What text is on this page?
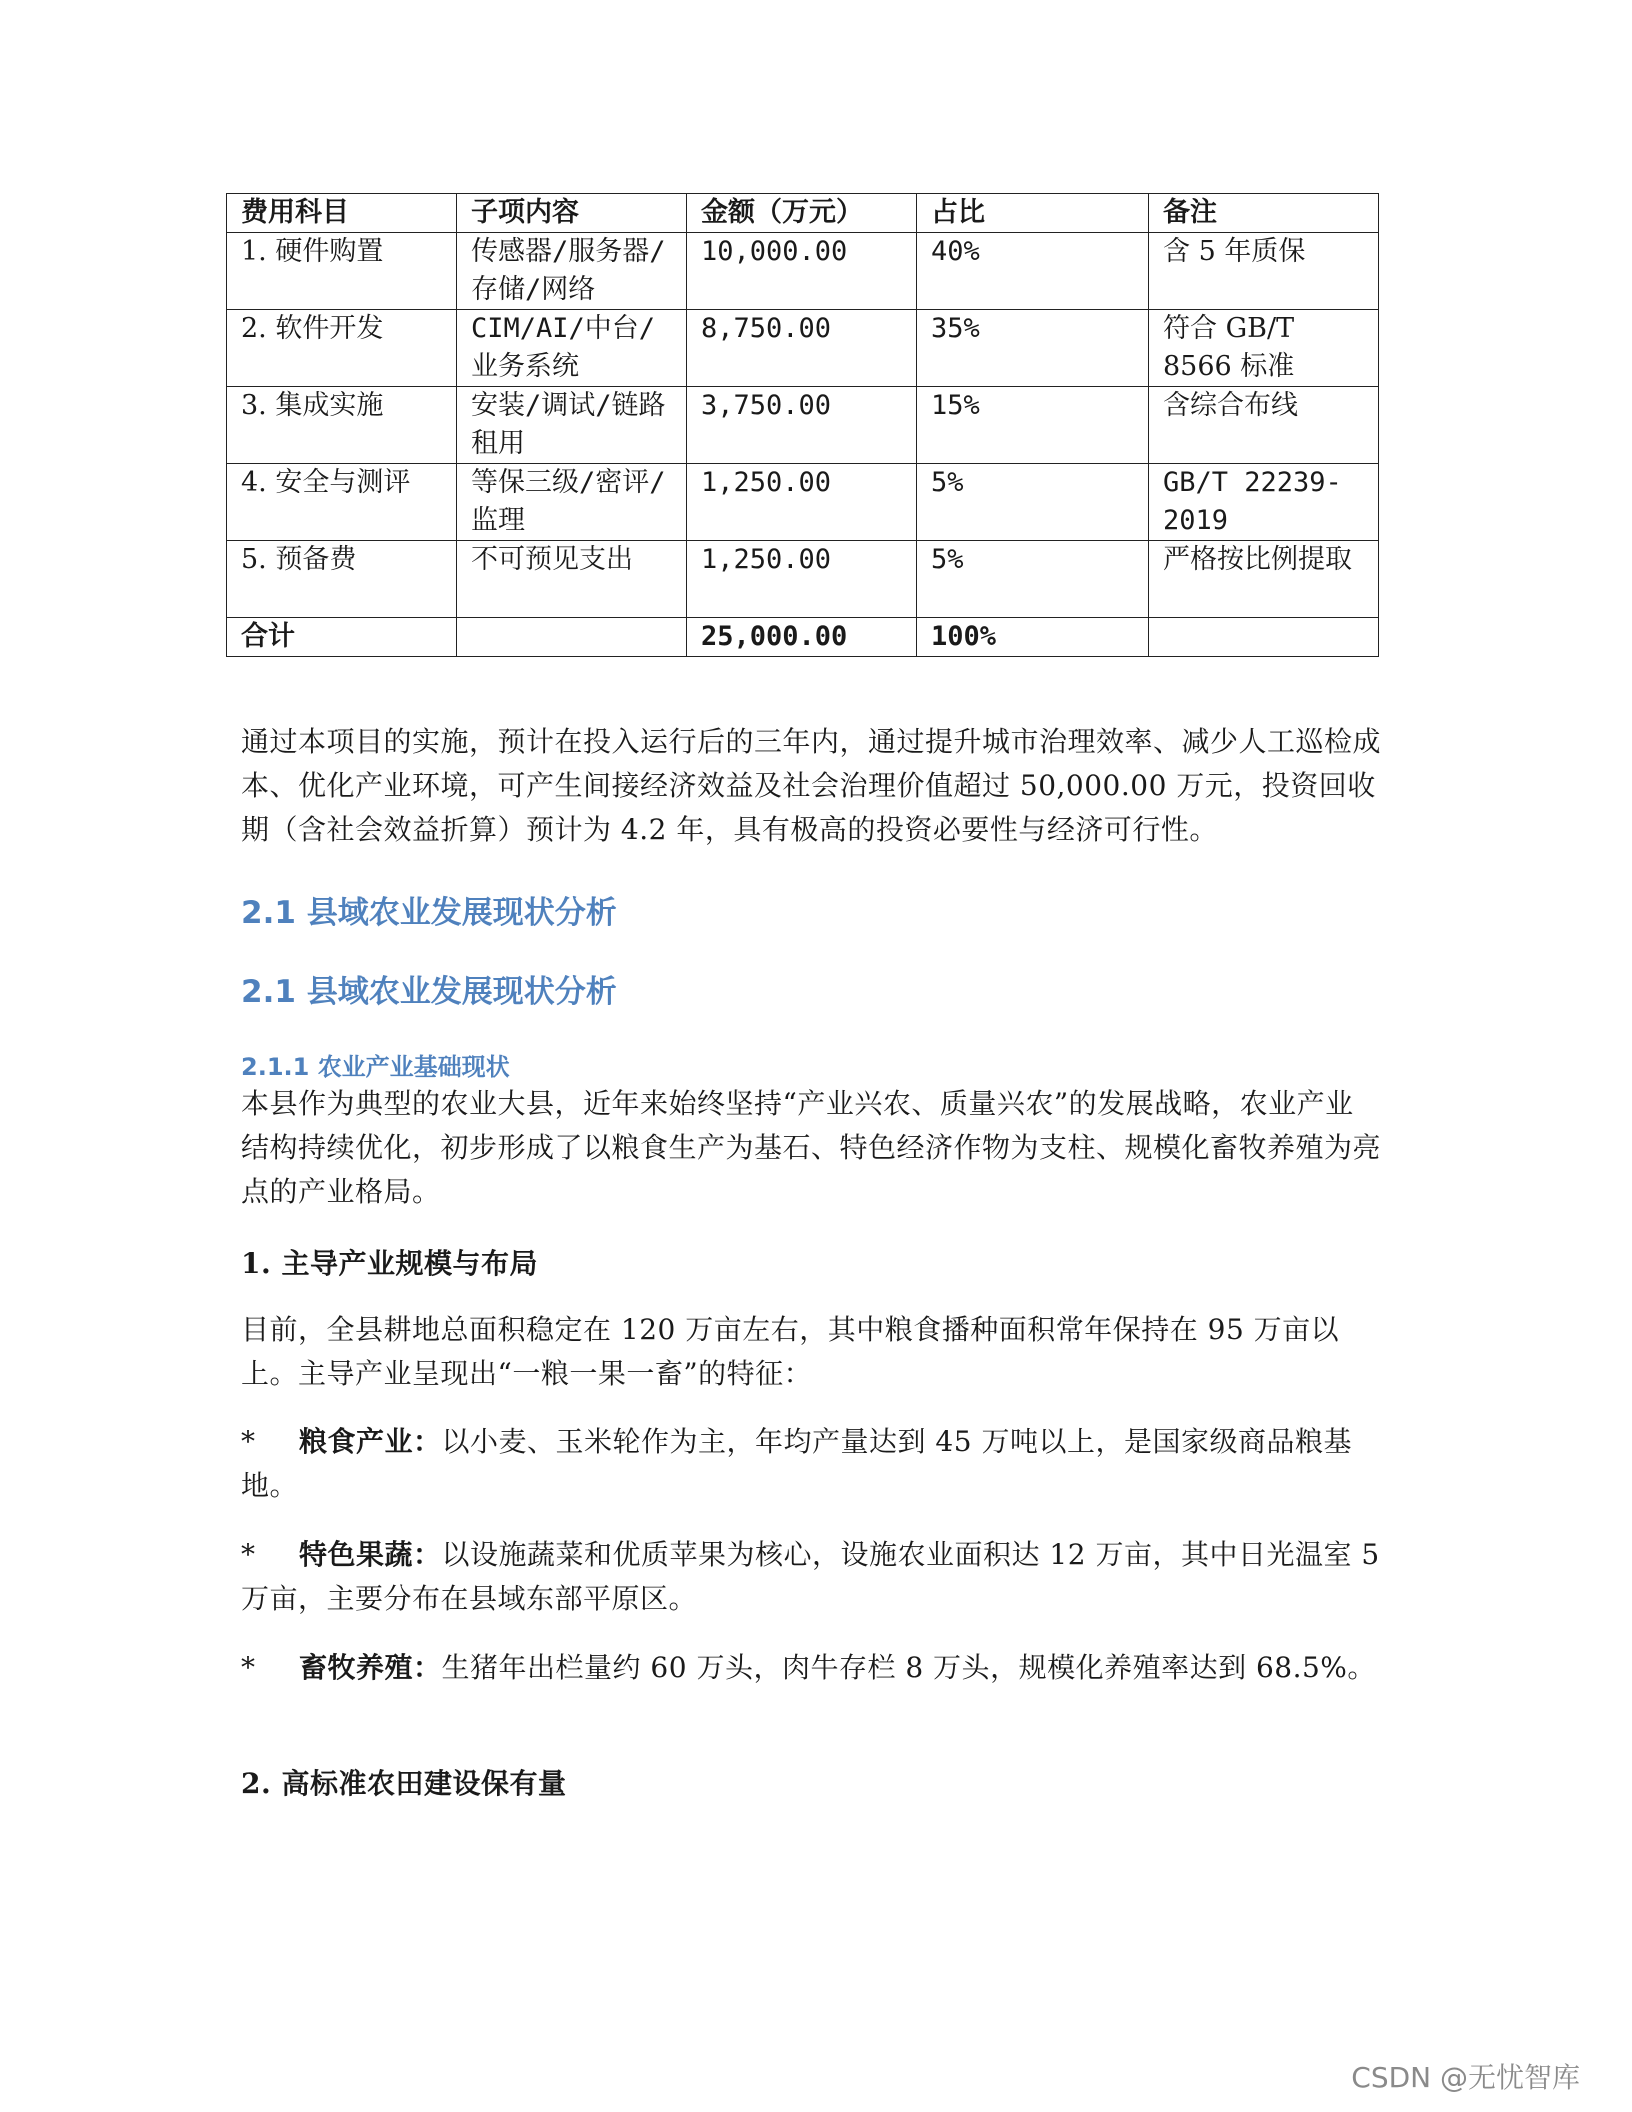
费用科目	子项内容	金额（万元）	占比	备注
1. 硬件购置	传感器/服务器/存储/网络	10,000.00	40%	含 5 年质保
2. 软件开发	CIM/AI/中台/业务系统	8,750.00	35%	符合 GB/T 8566 标准
3. 集成实施	安装/调试/链路租用	3,750.00	15%	含综合布线
4. 安全与测评	等保三级/密评/监理	1,250.00	5%	GB/T 22239-2019
5. 预备费	不可预见支出	1,250.00	5%	严格按比例提取
合计		25,000.00	100%	

通过本项目的实施，预计在投入运行后的三年内，通过提升城市治理效率、减少人工巡检成本、优化产业环境，可产生间接经济效益及社会治理价值超过 50,000.00 万元，投资回收期（含社会效益折算）预计为 4.2 年，具有极高的投资必要性与经济可行性。

2.1 县域农业发展现状分析
2.1 县域农业发展现状分析
2.1.1 农业产业基础现状

本县作为典型的农业大县，近年来始终坚持“产业兴农、质量兴农”的发展战略，农业产业结构持续优化，初步形成了以粮食生产为基石、特色经济作物为支柱、规模化畜牧养殖为亮点的产业格局。

1. 主导产业规模与布局

目前，全县耕地总面积稳定在 120 万亩左右，其中粮食播种面积常年保持在 95 万亩以上。主导产业呈现出“一粮一果一畜”的特征：

* 粮食产业：以小麦、玉米轮作为主，年均产量达到 45 万吨以上，是国家级商品粮基地。

* 特色果蔬：以设施蔬菜和优质苹果为核心，设施农业面积达 12 万亩，其中日光温室 5 万亩，主要分布在县域东部平原区。

* 畜牧养殖：生猪年出栏量约 60 万头，肉牛存栏 8 万头，规模化养殖率达到 68.5%。

2. 高标准农田建设保有量

CSDN @无忧智库
